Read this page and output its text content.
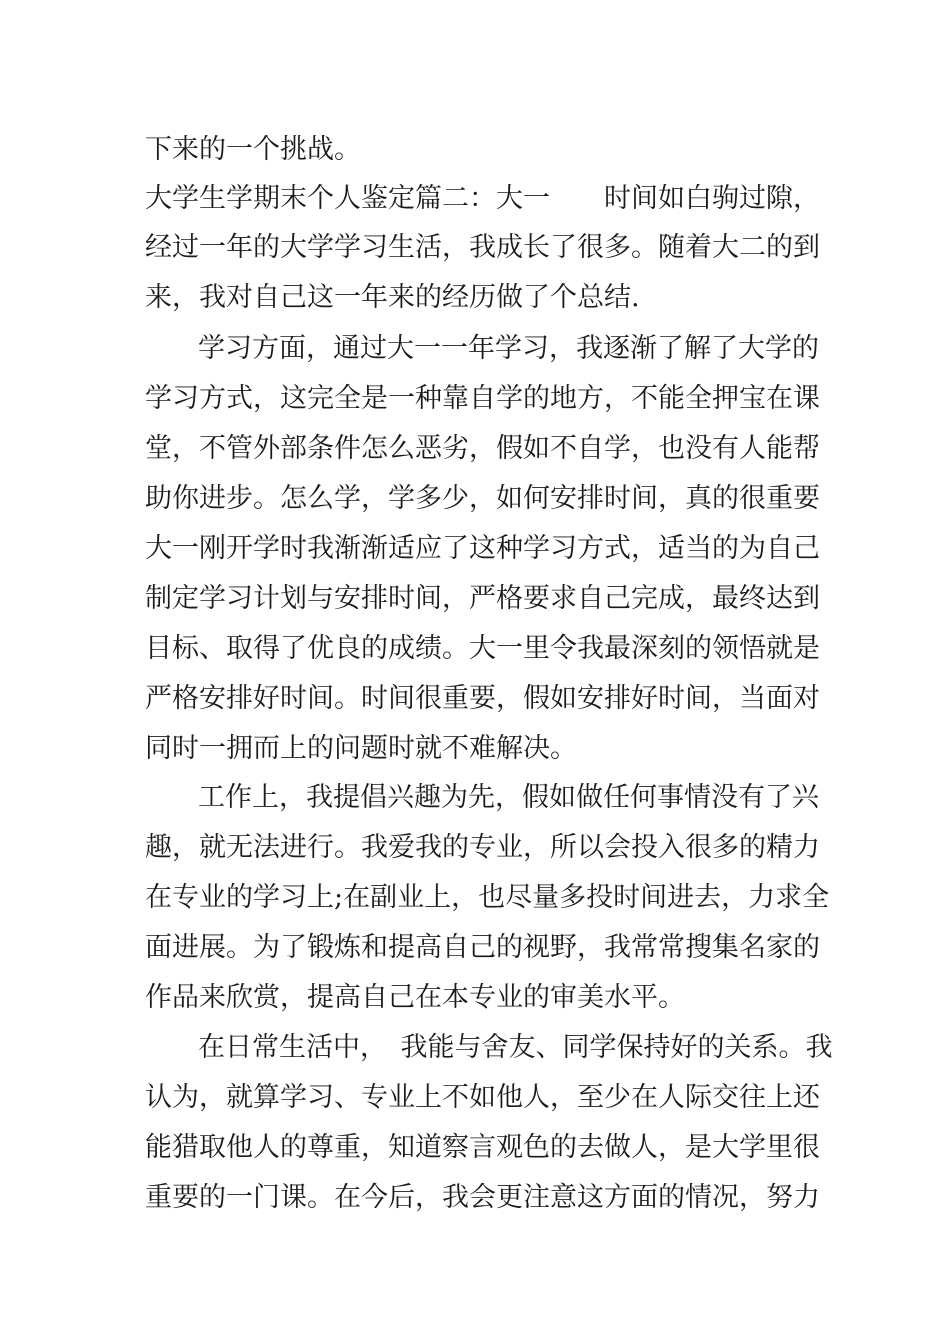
下来的一个挑战。
大学生学期末个人鉴定篇二：大一　　时间如白驹过隙，
经过一年的大学学习生活，我成长了很多。随着大二的到
来，我对自己这一年来的经历做了个总结.
学习方面，通过大一一年学习，我逐渐了解了大学的
学习方式，这完全是一种靠自学的地方，不能全押宝在课
堂，不管外部条件怎么恶劣，假如不自学，也没有人能帮
助你进步。怎么学，学多少，如何安排时间，真的很重要
大一刚开学时我渐渐适应了这种学习方式，适当的为自己
制定学习计划与安排时间，严格要求自己完成，最终达到
目标、取得了优良的成绩。大一里令我最深刻的领悟就是
严格安排好时间。时间很重要，假如安排好时间，当面对
同时一拥而上的问题时就不难解决。
工作上，我提倡兴趣为先，假如做任何事情没有了兴
趣，就无法进行。我爱我的专业，所以会投入很多的精力
在专业的学习上;在副业上，也尽量多投时间进去，力求全
面进展。为了锻炼和提高自己的视野，我常常搜集名家的
作品来欣赏，提高自己在本专业的审美水平。
在日常生活中，　我能与舍友、同学保持好的关系。我
认为，就算学习、专业上不如他人，至少在人际交往上还
能猎取他人的尊重，知道察言观色的去做人，是大学里很
重要的一门课。在今后，我会更注意这方面的情况，努力
